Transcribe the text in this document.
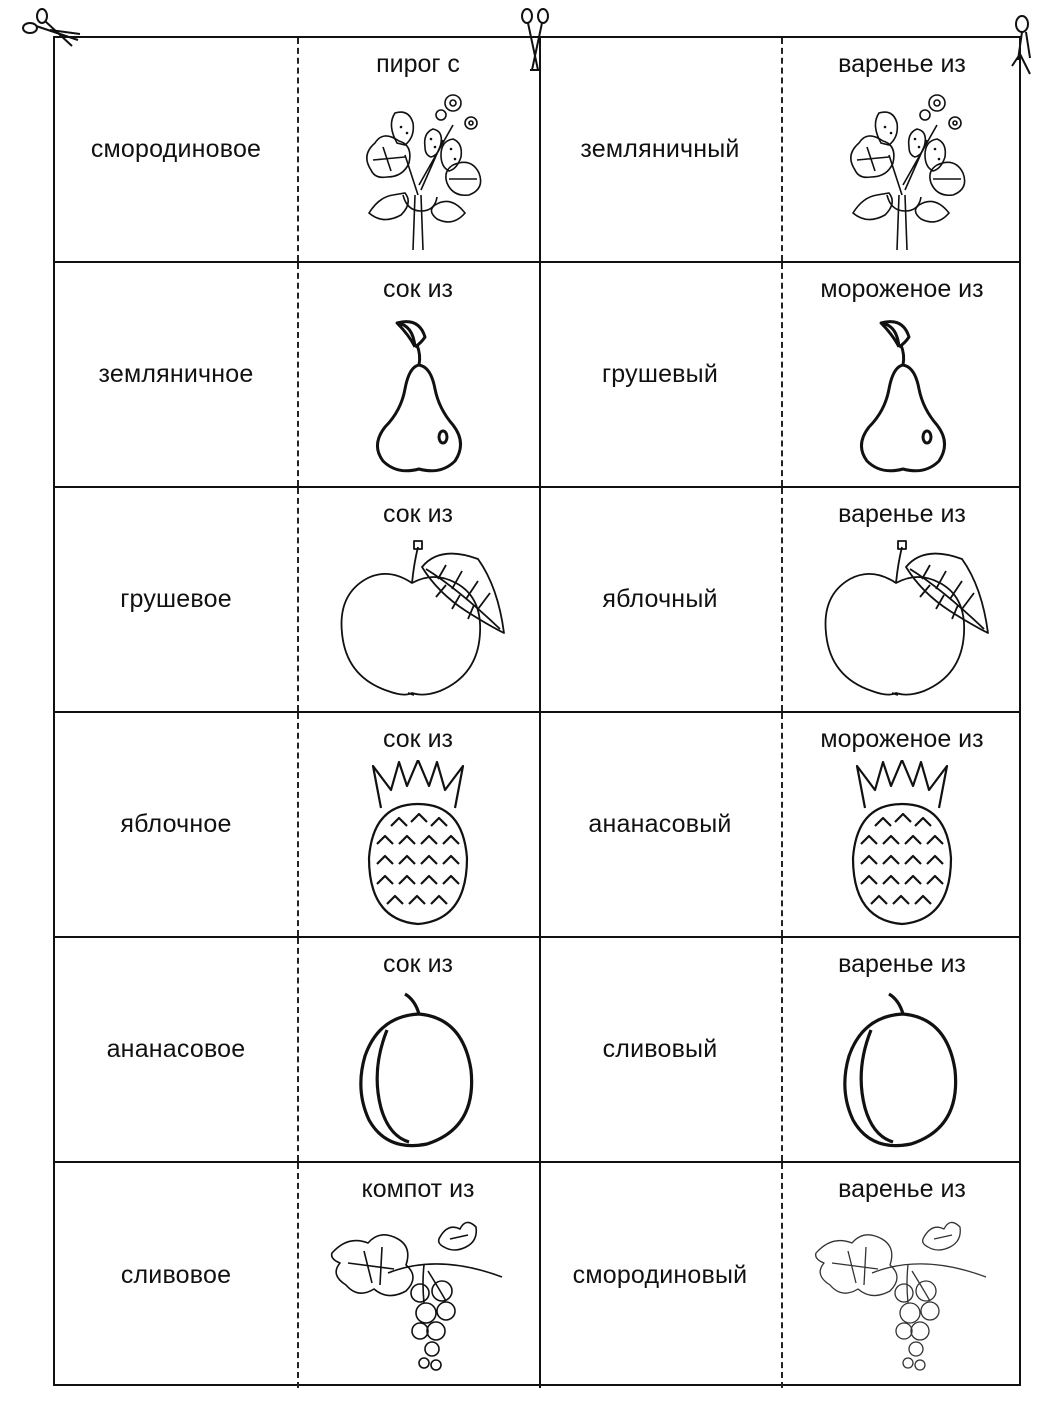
смородиновое
пирог с
земляничный
варенье из
земляничное
сок из
грушевый
мороженое из
грушевое
сок из
яблочный
варенье из
яблочное
сок из
ананасовый
мороженое из
ананасовое
сок из
сливовый
варенье из
сливовое
компот из
смородиновый
варенье из
